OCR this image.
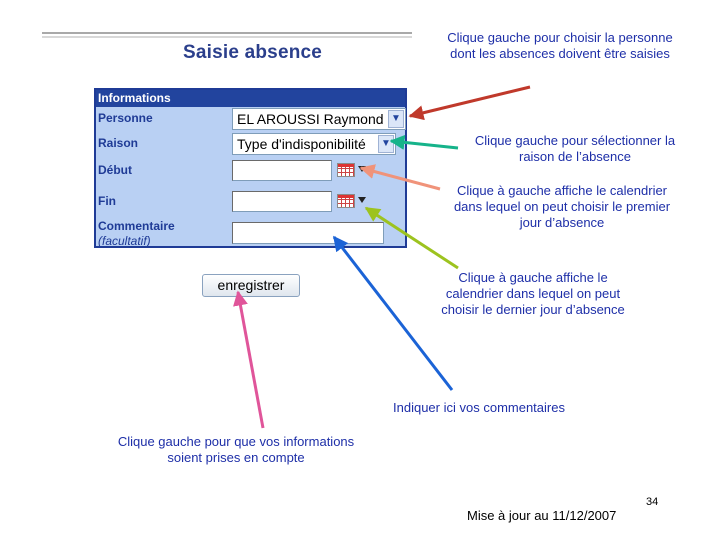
Saisie absence
Informations
Personne	EL AROUSSI Raymond ▼
Raison	Type d'indisponibilité	▼
Début
Fin
Commentaire
(facultatif)
enregistrer

Clique gauche pour choisir la personne
dont les absences doivent être saisies

Clique gauche pour sélectionner la
raison de l’absence

Clique à gauche affiche le calendrier
dans lequel on peut choisir le premier
jour d’absence

Clique à gauche affiche le
calendrier dans lequel on peut
choisir le dernier jour d’absence

Indiquer ici vos commentaires

Clique gauche pour que vos informations
soient prises en compte

Mise à jour au 11/12/2007
34
